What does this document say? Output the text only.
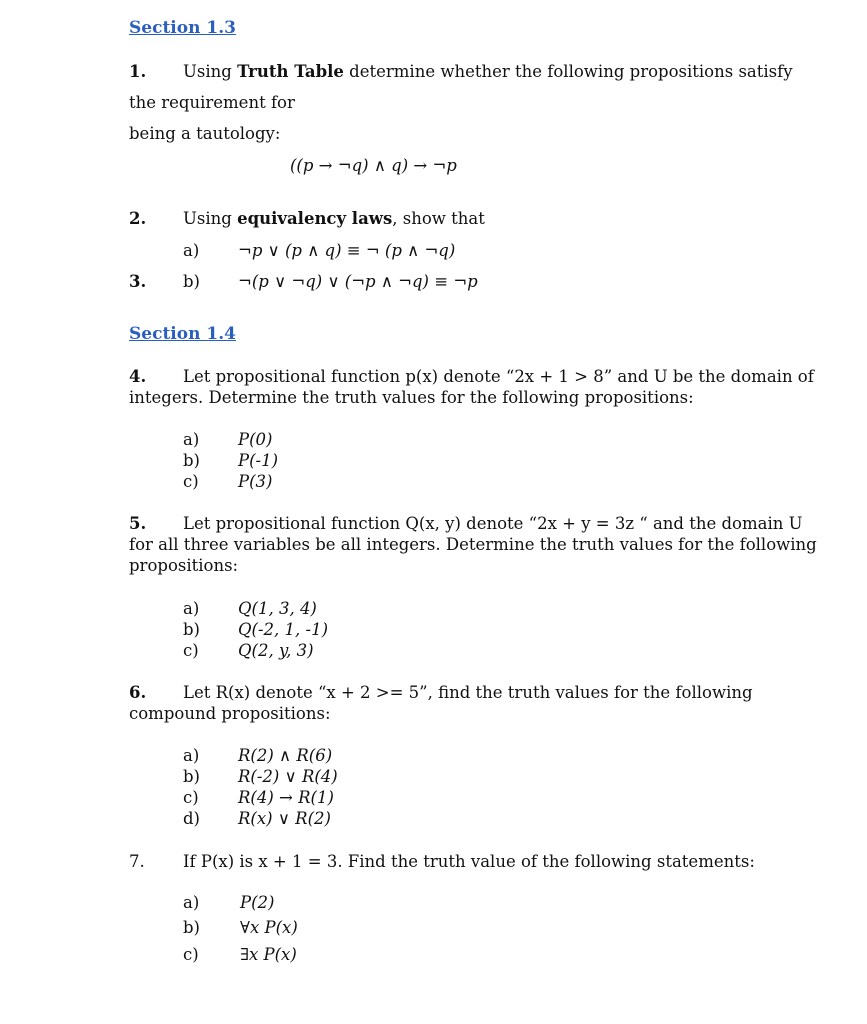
Section 1.3
1. Using Truth Table determine whether the following propositions satisfy
the requirement for
being a tautology:
((p → ¬q) ∧ q) → ¬p
2. Using equivalency laws, show that
a) ¬p ∨ (p ∧ q) ≡ ¬ (p ∧ ¬q)
3. b) ¬(p ∨ ¬q) ∨ (¬p ∧ ¬q) ≡ ¬p
Section 1.4
4. Let propositional function p(x) denote “2x + 1 > 8” and U be the domain of
integers. Determine the truth values for the following propositions:
a) P(0)
b) P(-1)
c) P(3)
5. Let propositional function Q(x, y) denote “2x + y = 3z “ and the domain U
for all three variables be all integers. Determine the truth values for the following
propositions:
a) Q(1, 3, 4)
b) Q(-2, 1, -1)
c) Q(2, y, 3)
6. Let R(x) denote “x + 2 >= 5”, find the truth values for the following
compound propositions:
a) R(2) ∧ R(6)
b) R(-2) ∨ R(4)
c) R(4) → R(1)
d) R(x) ∨ R(2)
7. If P(x) is x + 1 = 3. Find the truth value of the following statements:
a) P(2)
b) ∀x P(x)
c)	∃x P(x)
